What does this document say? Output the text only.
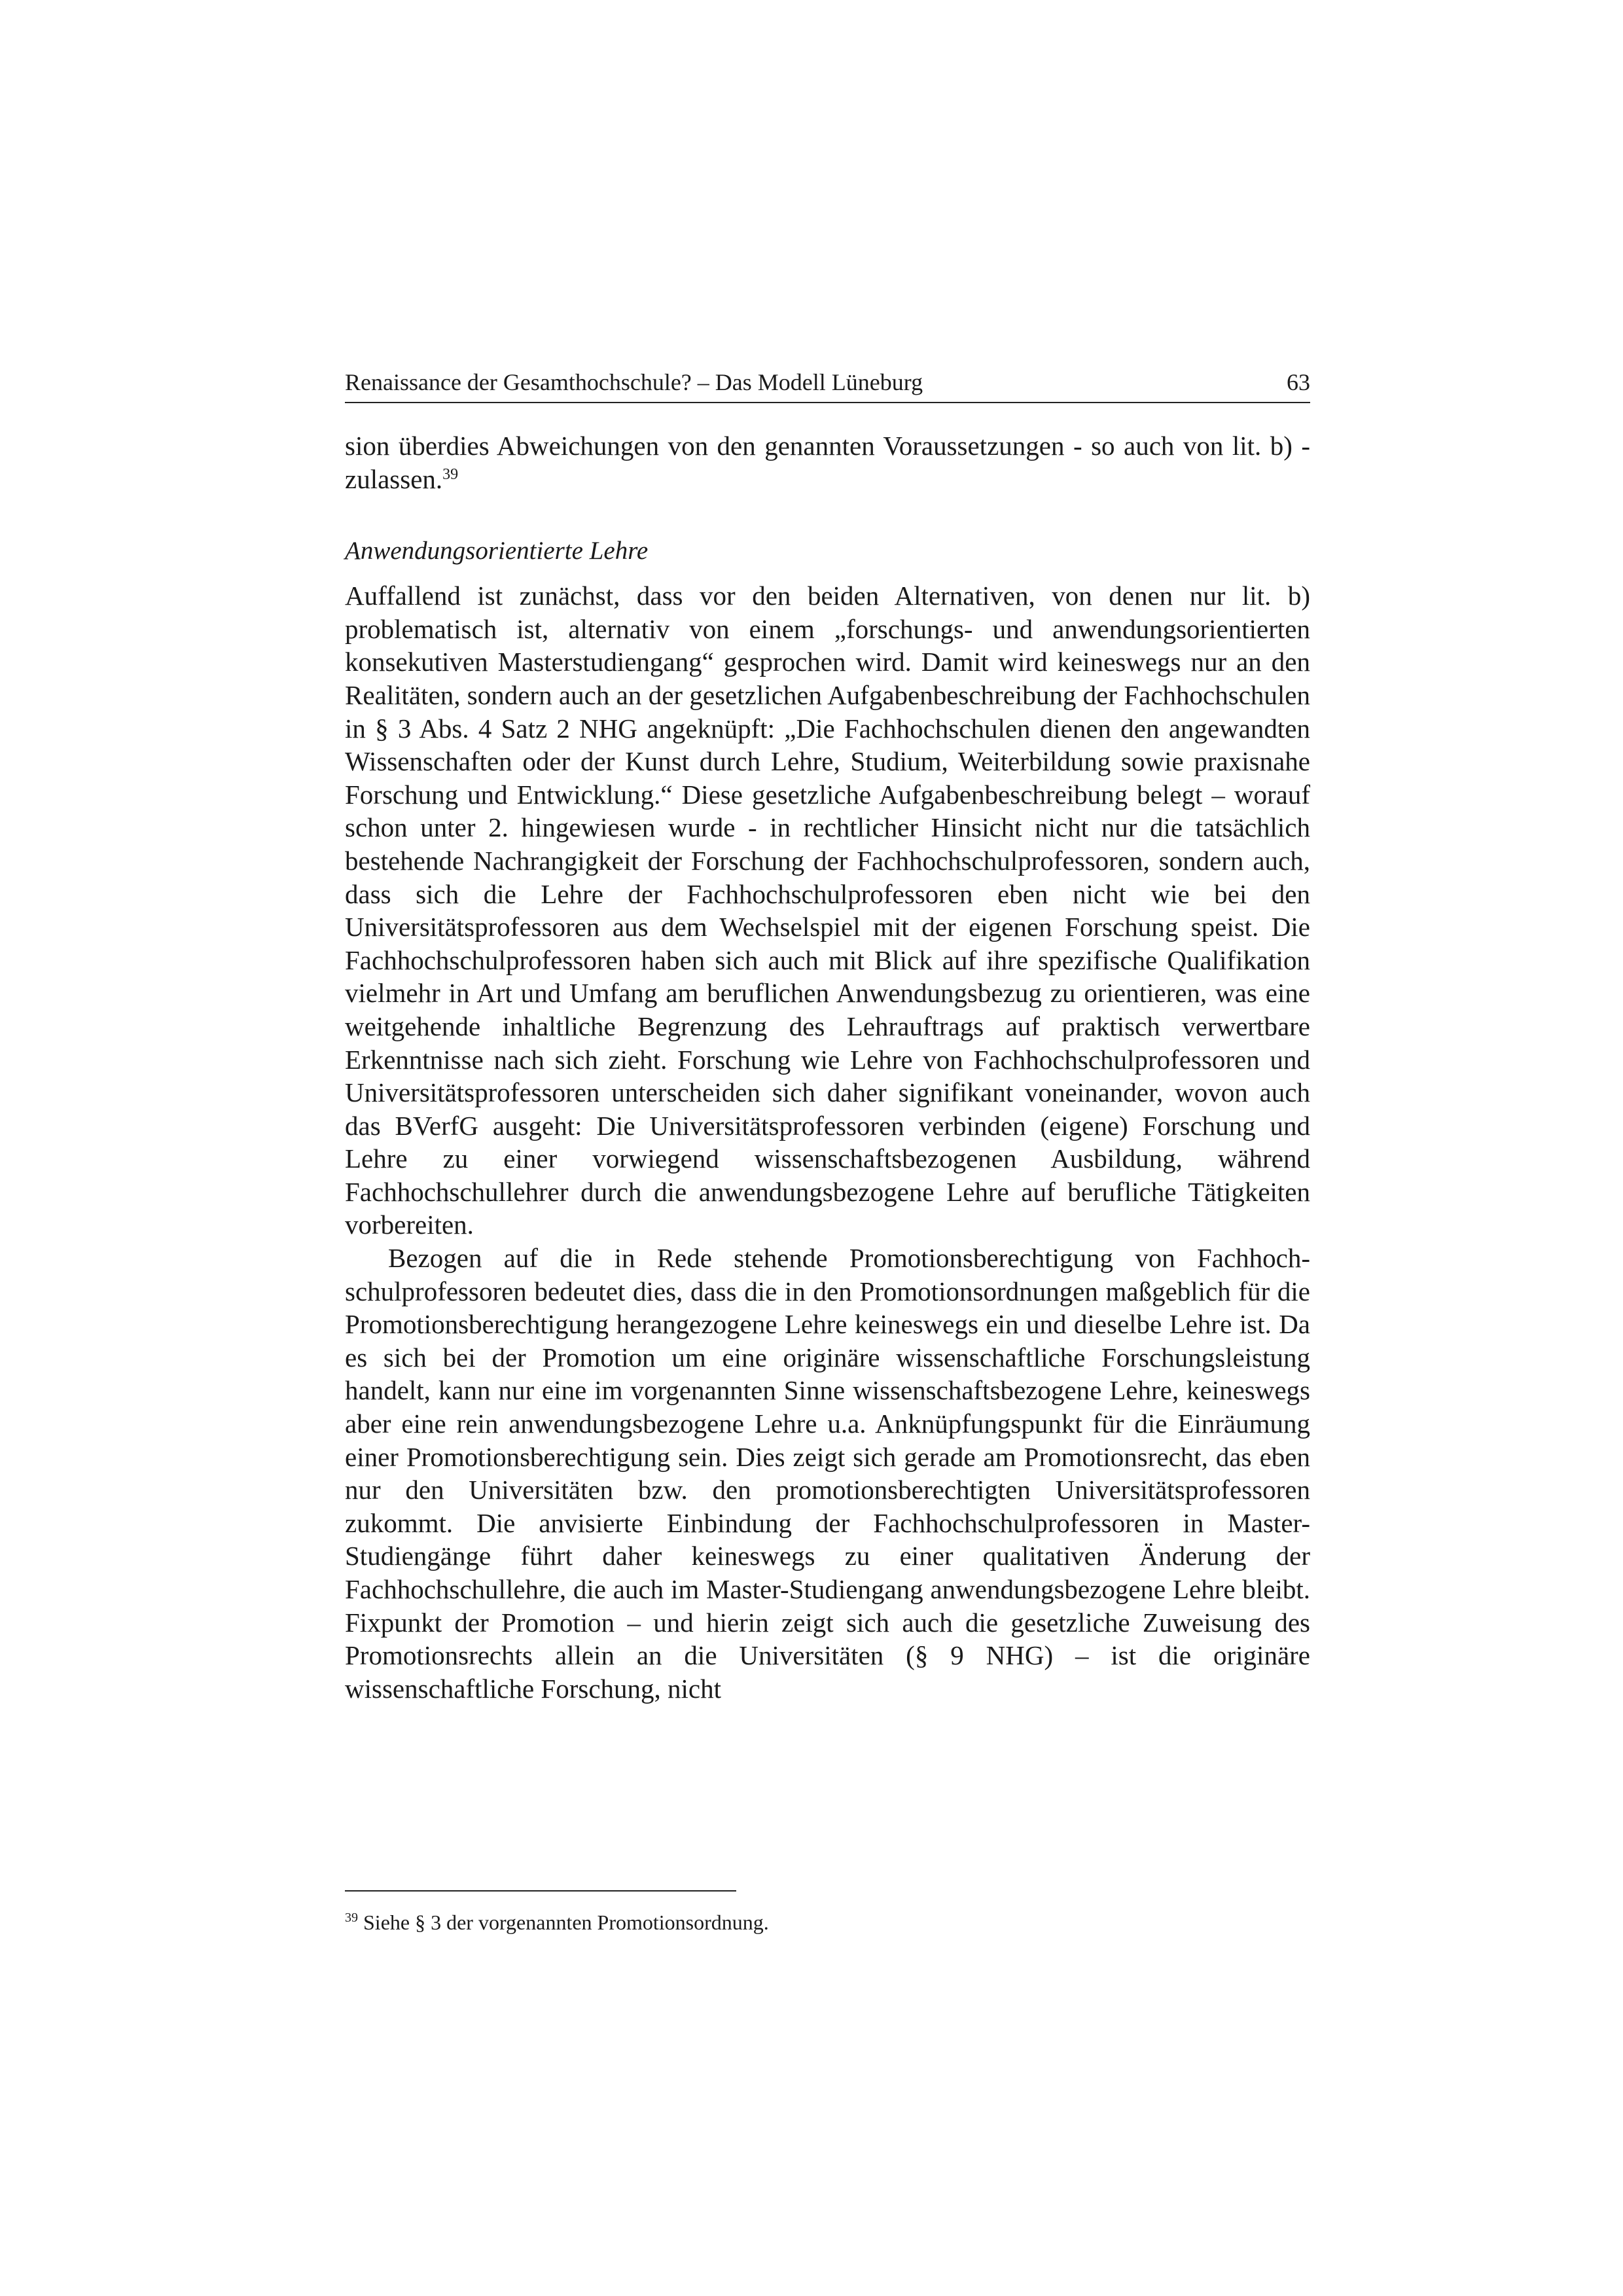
Renaissance der Gesamthochschule? – Das Modell Lüneburg	63

sion überdies Abweichungen von den genannten Voraussetzungen - so auch von lit. b) - zulassen.$^{39}$

Anwendungsorientierte Lehre

Auffallend ist zunächst, dass vor den beiden Alternativen, von denen nur lit. b) problematisch ist, alternativ von einem „forschungs- und anwendungsorientierten konsekutiven Masterstudiengang“ gesprochen wird. Damit wird keineswegs nur an den Realitäten, sondern auch an der gesetzlichen Aufgabenbeschreibung der Fachhochschulen in § 3 Abs. 4 Satz 2 NHG angeknüpft: „Die Fachhochschulen dienen den angewandten Wissenschaften oder der Kunst durch Lehre, Studium, Weiterbildung sowie praxisnahe Forschung und Entwicklung.“ Diese gesetzliche Aufgabenbeschreibung belegt – worauf schon unter 2. hingewiesen wurde - in rechtlicher Hinsicht nicht nur die tatsächlich bestehende Nachrangigkeit der Forschung der Fachhochschulprofessoren, sondern auch, dass sich die Lehre der Fachhochschulprofessoren eben nicht wie bei den Universitätsprofessoren aus dem Wechselspiel mit der eigenen Forschung speist. Die Fachhochschulprofessoren haben sich auch mit Blick auf ihre spezifische Qualifikation vielmehr in Art und Umfang am beruflichen Anwendungsbezug zu orientieren, was eine weitgehende inhaltliche Begrenzung des Lehrauftrags auf praktisch verwertbare Erkenntnisse nach sich zieht. Forschung wie Lehre von Fachhochschulprofessoren und Universitätsprofessoren unterscheiden sich daher signifikant voneinander, wovon auch das BVerfG ausgeht: Die Universitätsprofessoren verbinden (eigene) Forschung und Lehre zu einer vorwiegend wissenschaftsbezogenen Ausbildung, während Fachhochschullehrer durch die anwendungsbezogene Lehre auf berufliche Tätigkeiten vorbereiten.

Bezogen auf die in Rede stehende Promotionsberechtigung von Fachhochschulprofessoren bedeutet dies, dass die in den Promotionsordnungen maßgeblich für die Promotionsberechtigung herangezogene Lehre keineswegs ein und dieselbe Lehre ist. Da es sich bei der Promotion um eine originäre wissenschaftliche Forschungsleistung handelt, kann nur eine im vorgenannten Sinne wissenschaftsbezogene Lehre, keineswegs aber eine rein anwendungsbezogene Lehre u.a. Anknüpfungspunkt für die Einräumung einer Promotionsberechtigung sein. Dies zeigt sich gerade am Promotionsrecht, das eben nur den Universitäten bzw. den promotionsberechtigten Universitätsprofessoren zukommt. Die anvisierte Einbindung der Fachhochschulprofessoren in Master-Studiengänge führt daher keineswegs zu einer qualitativen Änderung der Fachhochschullehre, die auch im Master-Studiengang anwendungsbezogene Lehre bleibt. Fixpunkt der Promotion – und hierin zeigt sich auch die gesetzliche Zuweisung des Promotionsrechts allein an die Universitäten (§ 9 NHG) – ist die originäre wissenschaftliche Forschung, nicht

$^{39}$ Siehe § 3 der vorgenannten Promotionsordnung.
